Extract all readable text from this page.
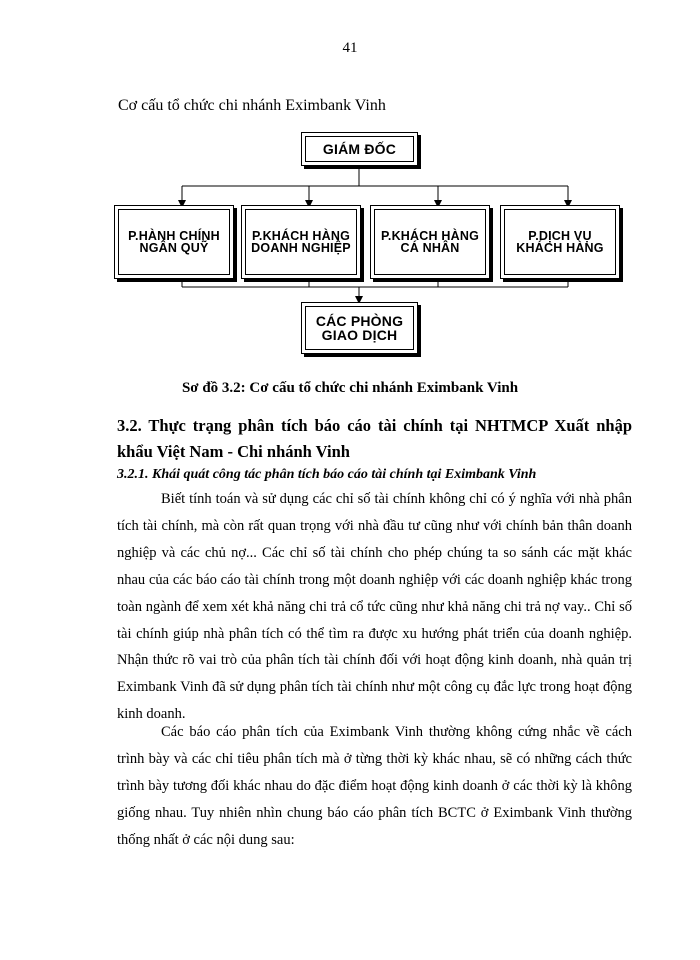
41
Cơ cấu tổ chức chi nhánh Eximbank Vinh
GIÁM ĐỐC
P.HÀNH CHÍNH NGÂN QUỸ
P.KHÁCH HÀNG DOANH NGHIỆP
P.KHÁCH HÀNG CÁ NHÂN
P.DỊCH VỤ KHÁCH HÀNG
CÁC PHÒNG GIAO DỊCH
Sơ đồ 3.2: Cơ cấu tổ chức chi nhánh Eximbank Vinh
3.2. Thực trạng phân tích báo cáo tài chính tại NHTMCP Xuất nhập khẩu Việt Nam - Chi nhánh Vinh
3.2.1. Khái quát công tác phân tích báo cáo tài chính tại Eximbank Vinh

Biết tính toán và sử dụng các chỉ số tài chính không chỉ có ý nghĩa với nhà phân tích tài chính, mà còn rất quan trọng với nhà đầu tư cũng như với chính bản thân doanh nghiệp và các chủ nợ... Các chỉ số tài chính cho phép chúng ta so sánh các mặt khác nhau của các báo cáo tài chính trong một doanh nghiệp với các doanh nghiệp khác trong toàn ngành để xem xét khả năng chi trả cổ tức cũng như khả năng chi trả nợ vay.. Chỉ số tài chính giúp nhà phân tích có thể tìm ra được xu hướng phát triển của doanh nghiệp. Nhận thức rõ vai trò của phân tích tài chính đối với hoạt động kinh doanh, nhà quản trị Eximbank Vinh đã sử dụng phân tích tài chính như một công cụ đắc lực trong hoạt động kinh doanh.

Các báo cáo phân tích của Eximbank Vinh thường không cứng nhắc về cách trình bày và các chỉ tiêu phân tích mà ở từng thời kỳ khác nhau, sẽ có những cách thức trình bày tương đối khác nhau do đặc điểm hoạt động kinh doanh ở các thời kỳ là không giống nhau. Tuy nhiên nhìn chung báo cáo phân tích BCTC ở Eximbank Vinh thường thống nhất ở các nội dung sau:
